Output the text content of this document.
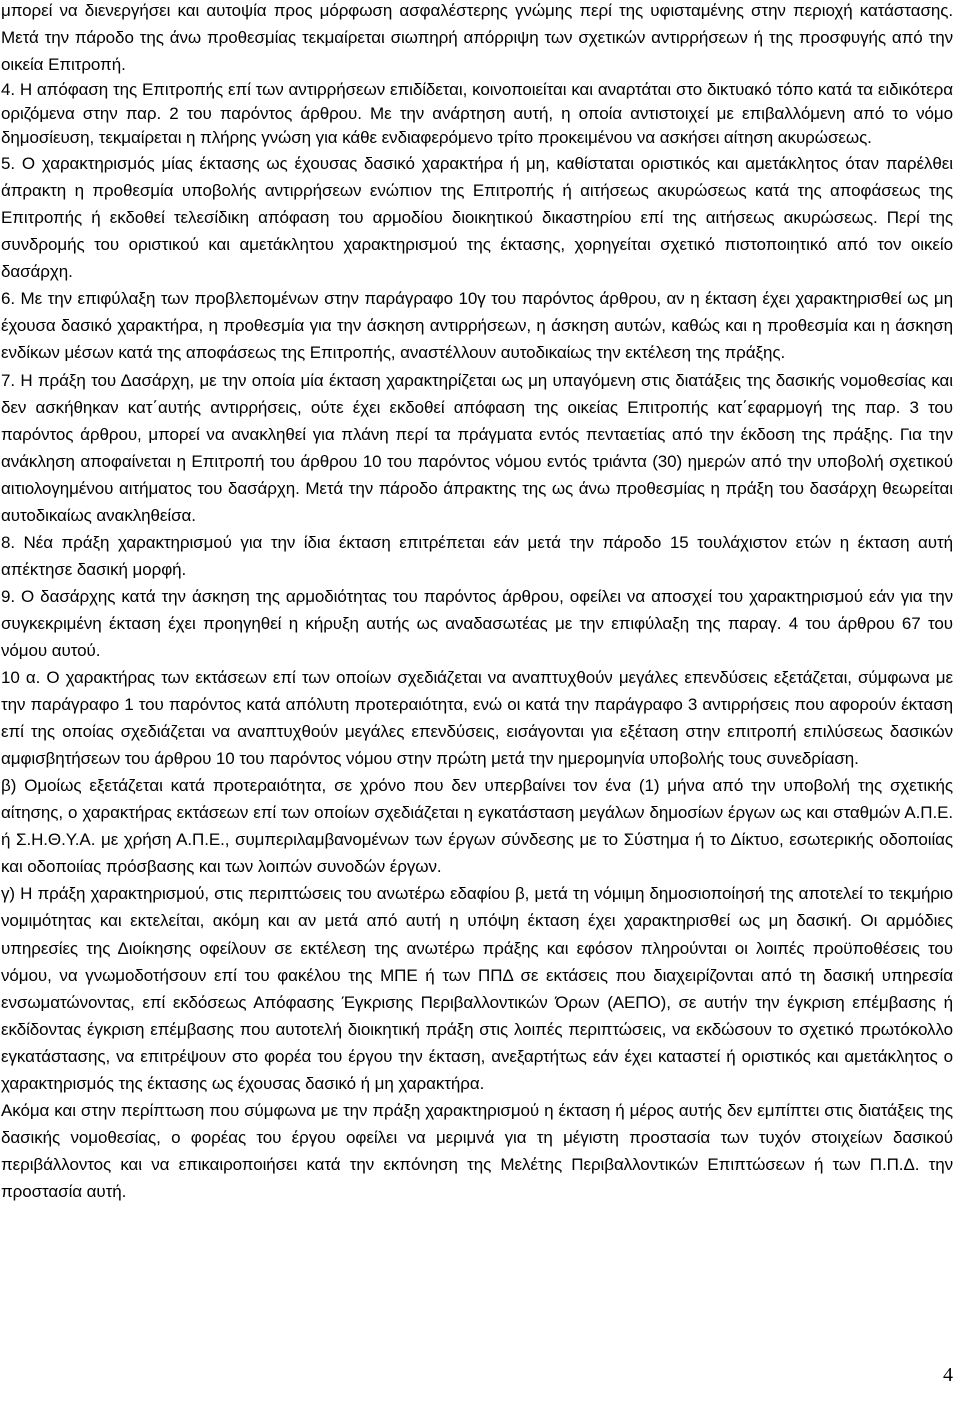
μπορεί να διενεργήσει και αυτοψία προς μόρφωση ασφαλέστερης γνώμης περί της υφισταμένης στην περιοχή κατάστασης. Μετά την πάροδο της άνω προθεσμίας τεκμαίρεται σιωπηρή απόρριψη των σχετικών αντιρρήσεων ή της προσφυγής από την οικεία Επιτροπή.

4. Η απόφαση της Επιτροπής επί των αντιρρήσεων επιδίδεται, κοινοποιείται και αναρτάται στο δικτυακό τόπο κατά τα ειδικότερα οριζόμενα στην παρ. 2 του παρόντος άρθρου. Με την ανάρτηση αυτή, η οποία αντιστοιχεί με επιβαλλόμενη από το νόμο δημοσίευση, τεκμαίρεται η πλήρης γνώση για κάθε ενδιαφερόμενο τρίτο προκειμένου να ασκήσει αίτηση ακυρώσεως.

5. Ο χαρακτηρισμός μίας έκτασης ως έχουσας δασικό χαρακτήρα ή μη, καθίσταται οριστικός και αμετάκλητος όταν παρέλθει άπρακτη η προθεσμία υποβολής αντιρρήσεων ενώπιον της Επιτροπής ή αιτήσεως ακυρώσεως κατά της αποφάσεως της Επιτροπής ή εκδοθεί τελεσίδικη απόφαση του αρμοδίου διοικητικού δικαστηρίου επί της αιτήσεως ακυρώσεως. Περί της συνδρομής του οριστικού και αμετάκλητου χαρακτηρισμού της έκτασης, χορηγείται σχετικό πιστοποιητικό από τον οικείο δασάρχη.

6. Με την επιφύλαξη των προβλεπομένων στην παράγραφο 10γ του παρόντος άρθρου, αν η έκταση έχει χαρακτηρισθεί ως μη έχουσα δασικό χαρακτήρα, η προθεσμία για την άσκηση αντιρρήσεων, η άσκηση αυτών, καθώς και η προθεσμία και η άσκηση ενδίκων μέσων κατά της αποφάσεως της Επιτροπής, αναστέλλουν αυτοδικαίως την εκτέλεση της πράξης.

7. Η πράξη του Δασάρχη, με την οποία μία έκταση χαρακτηρίζεται ως μη υπαγόμενη στις διατάξεις της δασικής νομοθεσίας και δεν ασκήθηκαν κατ΄αυτής αντιρρήσεις, ούτε έχει εκδοθεί απόφαση της οικείας Επιτροπής κατ΄εφαρμογή της παρ. 3 του παρόντος άρθρου, μπορεί να ανακληθεί για πλάνη περί τα πράγματα εντός πενταετίας από την έκδοση της πράξης. Για την ανάκληση αποφαίνεται η Επιτροπή του άρθρου 10 του παρόντος νόμου εντός τριάντα (30) ημερών από την υποβολή σχετικού αιτιολογημένου αιτήματος του δασάρχη. Μετά την πάροδο άπρακτης της ως άνω προθεσμίας η πράξη του δασάρχη θεωρείται αυτοδικαίως ανακληθείσα.

8. Νέα πράξη χαρακτηρισμού για την ίδια έκταση επιτρέπεται εάν μετά την πάροδο 15 τουλάχιστον ετών η έκταση αυτή απέκτησε δασική μορφή.

9. Ο δασάρχης κατά την άσκηση της αρμοδιότητας του παρόντος άρθρου, οφείλει να αποσχεί του χαρακτηρισμού εάν για την συγκεκριμένη έκταση έχει προηγηθεί η κήρυξη αυτής ως αναδασωτέας με την επιφύλαξη της παραγ. 4 του άρθρου 67 του νόμου αυτού.

10 α. Ο χαρακτήρας των εκτάσεων επί των οποίων σχεδιάζεται να αναπτυχθούν μεγάλες επενδύσεις εξετάζεται, σύμφωνα με την παράγραφο 1 του παρόντος κατά απόλυτη προτεραιότητα, ενώ οι κατά την παράγραφο 3 αντιρρήσεις που αφορούν έκταση επί της οποίας σχεδιάζεται να αναπτυχθούν μεγάλες επενδύσεις, εισάγονται για εξέταση στην επιτροπή επιλύσεως δασικών αμφισβητήσεων του άρθρου 10 του παρόντος νόμου στην πρώτη μετά την ημερομηνία υποβολής τους συνεδρίαση.

β) Ομοίως εξετάζεται κατά προτεραιότητα, σε χρόνο που δεν υπερβαίνει τον ένα (1) μήνα από την υποβολή της σχετικής αίτησης, ο χαρακτήρας εκτάσεων επί των οποίων σχεδιάζεται η εγκατάσταση μεγάλων δημοσίων έργων ως και σταθμών Α.Π.Ε. ή Σ.Η.Θ.Υ.Α. με χρήση Α.Π.Ε., συμπεριλαμβανομένων των έργων σύνδεσης με το Σύστημα ή το Δίκτυο, εσωτερικής οδοποιίας και οδοποιίας πρόσβασης και των λοιπών συνοδών έργων.

γ) Η πράξη χαρακτηρισμού, στις περιπτώσεις του ανωτέρω εδαφίου β, μετά τη νόμιμη δημοσιοποίησή της αποτελεί το τεκμήριο νομιμότητας και εκτελείται, ακόμη και αν μετά από αυτή η υπόψη έκταση έχει χαρακτηρισθεί ως μη δασική. Οι αρμόδιες υπηρεσίες της Διοίκησης οφείλουν σε εκτέλεση της ανωτέρω πράξης και εφόσον πληρούνται οι λοιπές προϋποθέσεις του νόμου, να γνωμοδοτήσουν επί του φακέλου της ΜΠΕ ή των ΠΠΔ σε εκτάσεις που διαχειρίζονται από τη δασική υπηρεσία ενσωματώνοντας, επί εκδόσεως Απόφασης Έγκρισης Περιβαλλοντικών Όρων (ΑΕΠΟ), σε αυτήν την έγκριση επέμβασης ή εκδίδοντας έγκριση επέμβασης που αυτοτελή διοικητική πράξη στις λοιπές περιπτώσεις, να εκδώσουν το σχετικό πρωτόκολλο εγκατάστασης, να επιτρέψουν στο φορέα του έργου την έκταση, ανεξαρτήτως εάν έχει καταστεί ή οριστικός και αμετάκλητος ο χαρακτηρισμός της έκτασης ως έχουσας δασικό ή μη χαρακτήρα.

Ακόμα και στην περίπτωση που σύμφωνα με την πράξη χαρακτηρισμού η έκταση ή μέρος αυτής δεν εμπίπτει στις διατάξεις της δασικής νομοθεσίας, ο φορέας του έργου οφείλει να μεριμνά για τη μέγιστη προστασία των τυχόν στοιχείων δασικού περιβάλλοντος και να επικαιροποιήσει κατά την εκπόνηση της Μελέτης Περιβαλλοντικών Επιπτώσεων ή των Π.Π.Δ. την προστασία αυτή.

4
